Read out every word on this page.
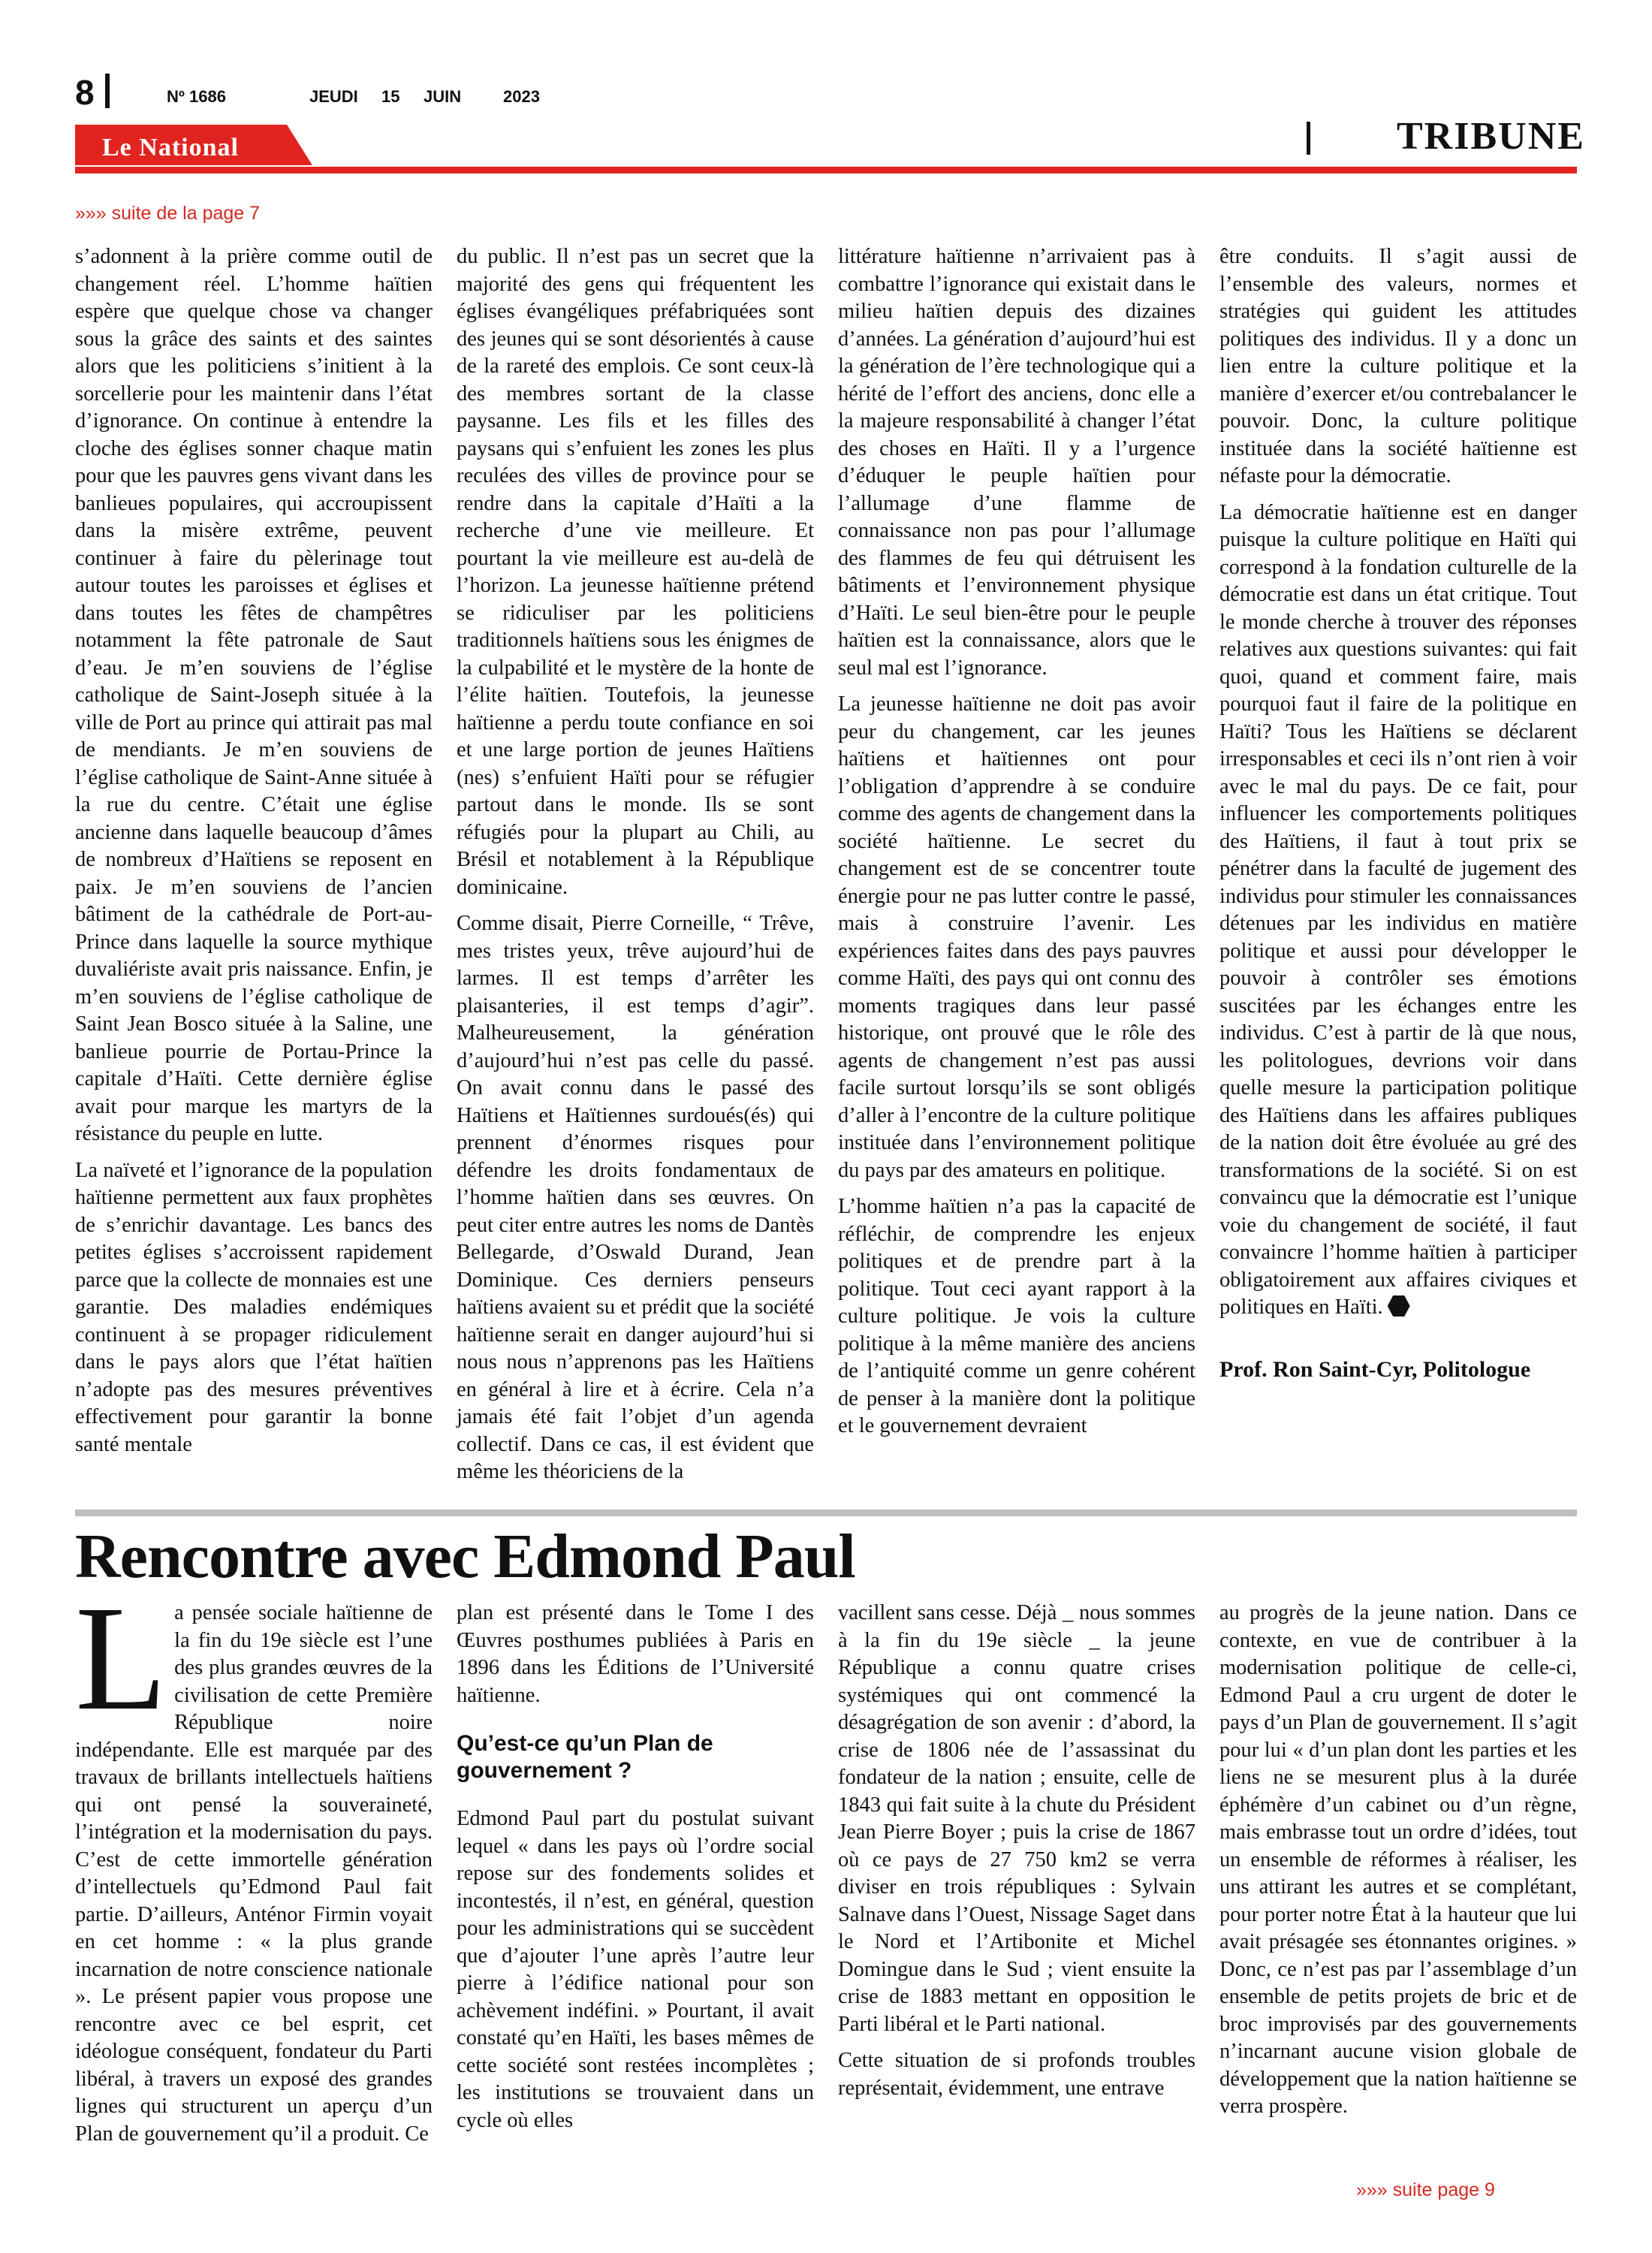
8	Nº 1686	JEUDI 15 JUIN	2023
Le National	TRIBUNE
»»» suite de la page 7

s’adonnent à la prière comme outil de changement réel. L’homme haïtien espère que quelque chose va changer sous la grâce des saints et des saintes alors que les politiciens s’initient à la sorcellerie pour les maintenir dans l’état d’ignorance. On continue à entendre la cloche des églises sonner chaque matin pour que les pauvres gens vivant dans les banlieues populaires, qui accroupissent dans la misère extrême, peuvent continuer à faire du pèlerinage tout autour toutes les paroisses et églises et dans toutes les fêtes de champêtres notamment la fête patronale de Saut d’eau. Je m’en souviens de l’église catholique de Saint-Joseph située à la ville de Port au prince qui attirait pas mal de mendiants. Je m’en souviens de l’église catholique de Saint-Anne située à la rue du centre. C’était une église ancienne dans laquelle beaucoup d’âmes de nombreux d’Haïtiens se reposent en paix. Je m’en souviens de l’ancien bâtiment de la cathédrale de Port-au-Prince dans laquelle la source mythique duvaliériste avait pris naissance. Enfin, je m’en souviens de l’église catholique de Saint Jean Bosco située à la Saline, une banlieue pourrie de Portau-Prince la capitale d’Haïti. Cette dernière église avait pour marque les martyrs de la résistance du peuple en lutte.

La naïveté et l’ignorance de la population haïtienne permettent aux faux prophètes de s’enrichir davantage. Les bancs des petites églises s’accroissent rapidement parce que la collecte de monnaies est une garantie. Des maladies endémiques continuent à se propager ridiculement dans le pays alors que l’état haïtien n’adopte pas des mesures préventives effectivement pour garantir la bonne santé mentale

du public. Il n’est pas un secret que la majorité des gens qui fréquentent les églises évangéliques préfabriquées sont des jeunes qui se sont désorientés à cause de la rareté des emplois. Ce sont ceux-là des membres sortant de la classe paysanne. Les fils et les filles des paysans qui s’enfuient les zones les plus reculées des villes de province pour se rendre dans la capitale d’Haïti a la recherche d’une vie meilleure. Et pourtant la vie meilleure est au-delà de l’horizon. La jeunesse haïtienne prétend se ridiculiser par les politiciens traditionnels haïtiens sous les énigmes de la culpabilité et le mystère de la honte de l’élite haïtien. Toutefois, la jeunesse haïtienne a perdu toute confiance en soi et une large portion de jeunes Haïtiens (nes) s’enfuient Haïti pour se réfugier partout dans le monde. Ils se sont réfugiés pour la plupart au Chili, au Brésil et notablement à la République dominicaine.

Comme disait, Pierre Corneille, “ Trêve, mes tristes yeux, trêve aujourd’hui de larmes. Il est temps d’arrêter les plaisanteries, il est temps d’agir”. Malheureusement, la génération d’aujourd’hui n’est pas celle du passé. On avait connu dans le passé des Haïtiens et Haïtiennes surdoués(és) qui prennent d’énormes risques pour défendre les droits fondamentaux de l’homme haïtien dans ses œuvres. On peut citer entre autres les noms de Dantès Bellegarde, d’Oswald Durand, Jean Dominique. Ces derniers penseurs haïtiens avaient su et prédit que la société haïtienne serait en danger aujourd’hui si nous nous n’apprenons pas les Haïtiens en général à lire et à écrire. Cela n’a jamais été fait l’objet d’un agenda collectif. Dans ce cas, il est évident que même les théoriciens de la

littérature haïtienne n’arrivaient pas à combattre l’ignorance qui existait dans le milieu haïtien depuis des dizaines d’années. La génération d’aujourd’hui est la génération de l’ère technologique qui a hérité de l’effort des anciens, donc elle a la majeure responsabilité à changer l’état des choses en Haïti. Il y a l’urgence d’éduquer le peuple haïtien pour l’allumage d’une flamme de connaissance non pas pour l’allumage des flammes de feu qui détruisent les bâtiments et l’environnement physique d’Haïti. Le seul bien-être pour le peuple haïtien est la connaissance, alors que le seul mal est l’ignorance.

La jeunesse haïtienne ne doit pas avoir peur du changement, car les jeunes haïtiens et haïtiennes ont pour l’obligation d’apprendre à se conduire comme des agents de changement dans la société haïtienne. Le secret du changement est de se concentrer toute énergie pour ne pas lutter contre le passé, mais à construire l’avenir. Les expériences faites dans des pays pauvres comme Haïti, des pays qui ont connu des moments tragiques dans leur passé historique, ont prouvé que le rôle des agents de changement n’est pas aussi facile surtout lorsqu’ils se sont obligés d’aller à l’encontre de la culture politique instituée dans l’environnement politique du pays par des amateurs en politique.

L’homme haïtien n’a pas la capacité de réfléchir, de comprendre les enjeux politiques et de prendre part à la politique. Tout ceci ayant rapport à la culture politique. Je vois la culture politique à la même manière des anciens de l’antiquité comme un genre cohérent de penser à la manière dont la politique et le gouvernement devraient

être conduits. Il s’agit aussi de l’ensemble des valeurs, normes et stratégies qui guident les attitudes politiques des individus. Il y a donc un lien entre la culture politique et la manière d’exercer et/ou contrebalancer le pouvoir. Donc, la culture politique instituée dans la société haïtienne est néfaste pour la démocratie.

La démocratie haïtienne est en danger puisque la culture politique en Haïti qui correspond à la fondation culturelle de la démocratie est dans un état critique. Tout le monde cherche à trouver des réponses relatives aux questions suivantes: qui fait quoi, quand et comment faire, mais pourquoi faut il faire de la politique en Haïti? Tous les Haïtiens se déclarent irresponsables et ceci ils n’ont rien à voir avec le mal du pays. De ce fait, pour influencer les comportements politiques des Haïtiens, il faut à tout prix se pénétrer dans la faculté de jugement des individus pour stimuler les connaissances détenues par les individus en matière politique et aussi pour développer le pouvoir à contrôler ses émotions suscitées par les échanges entre les individus. C’est à partir de là que nous, les politologues, devrions voir dans quelle mesure la participation politique des Haïtiens dans les affaires publiques de la nation doit être évoluée au gré des transformations de la société. Si on est convaincu que la démocratie est l’unique voie du changement de société, il faut convaincre l’homme haïtien à participer obligatoirement aux affaires civiques et politiques en Haïti.

Prof. Ron Saint-Cyr, Politologue

Rencontre avec Edmond Paul

La pensée sociale haïtienne de la fin du 19e siècle est l’une des plus grandes œuvres de la civilisation de cette Première République noire indépendante. Elle est marquée par des travaux de brillants intellectuels haïtiens qui ont pensé la souveraineté, l’intégration et la modernisation du pays. C’est de cette immortelle génération d’intellectuels qu’Edmond Paul fait partie. D’ailleurs, Anténor Firmin voyait en cet homme : « la plus grande incarnation de notre conscience nationale ». Le présent papier vous propose une rencontre avec ce bel esprit, cet idéologue conséquent, fondateur du Parti libéral, à travers un exposé des grandes lignes qui structurent un aperçu d’un Plan de gouvernement qu’il a produit. Ce

plan est présenté dans le Tome I des Œuvres posthumes publiées à Paris en 1896 dans les Éditions de l’Université haïtienne.

Qu’est-ce qu’un Plan de gouvernement ?

Edmond Paul part du postulat suivant lequel « dans les pays où l’ordre social repose sur des fondements solides et incontestés, il n’est, en général, question pour les administrations qui se succèdent que d’ajouter l’une après l’autre leur pierre à l’édifice national pour son achèvement indéfini. » Pourtant, il avait constaté qu’en Haïti, les bases mêmes de cette société sont restées incomplètes ; les institutions se trouvaient dans un cycle où elles

vacillent sans cesse. Déjà _ nous sommes à la fin du 19e siècle _ la jeune République a connu quatre crises systémiques qui ont commencé la désagrégation de son avenir : d’abord, la crise de 1806 née de l’assassinat du fondateur de la nation ; ensuite, celle de 1843 qui fait suite à la chute du Président Jean Pierre Boyer ; puis la crise de 1867 où ce pays de 27 750 km2 se verra diviser en trois républiques : Sylvain Salnave dans l’Ouest, Nissage Saget dans le Nord et l’Artibonite et Michel Domingue dans le Sud ; vient ensuite la crise de 1883 mettant en opposition le Parti libéral et le Parti national.

Cette situation de si profonds troubles représentait, évidemment, une entrave

au progrès de la jeune nation. Dans ce contexte, en vue de contribuer à la modernisation politique de celle-ci, Edmond Paul a cru urgent de doter le pays d’un Plan de gouvernement. Il s’agit pour lui « d’un plan dont les parties et les liens ne se mesurent plus à la durée éphémère d’un cabinet ou d’un règne, mais embrasse tout un ordre d’idées, tout un ensemble de réformes à réaliser, les uns attirant les autres et se complétant, pour porter notre État à la hauteur que lui avait présagée ses étonnantes origines. » Donc, ce n’est pas par l’assemblage d’un ensemble de petits projets de bric et de broc improvisés par des gouvernements n’incarnant aucune vision globale de développement que la nation haïtienne se verra prospère.

»»» suite page 9
